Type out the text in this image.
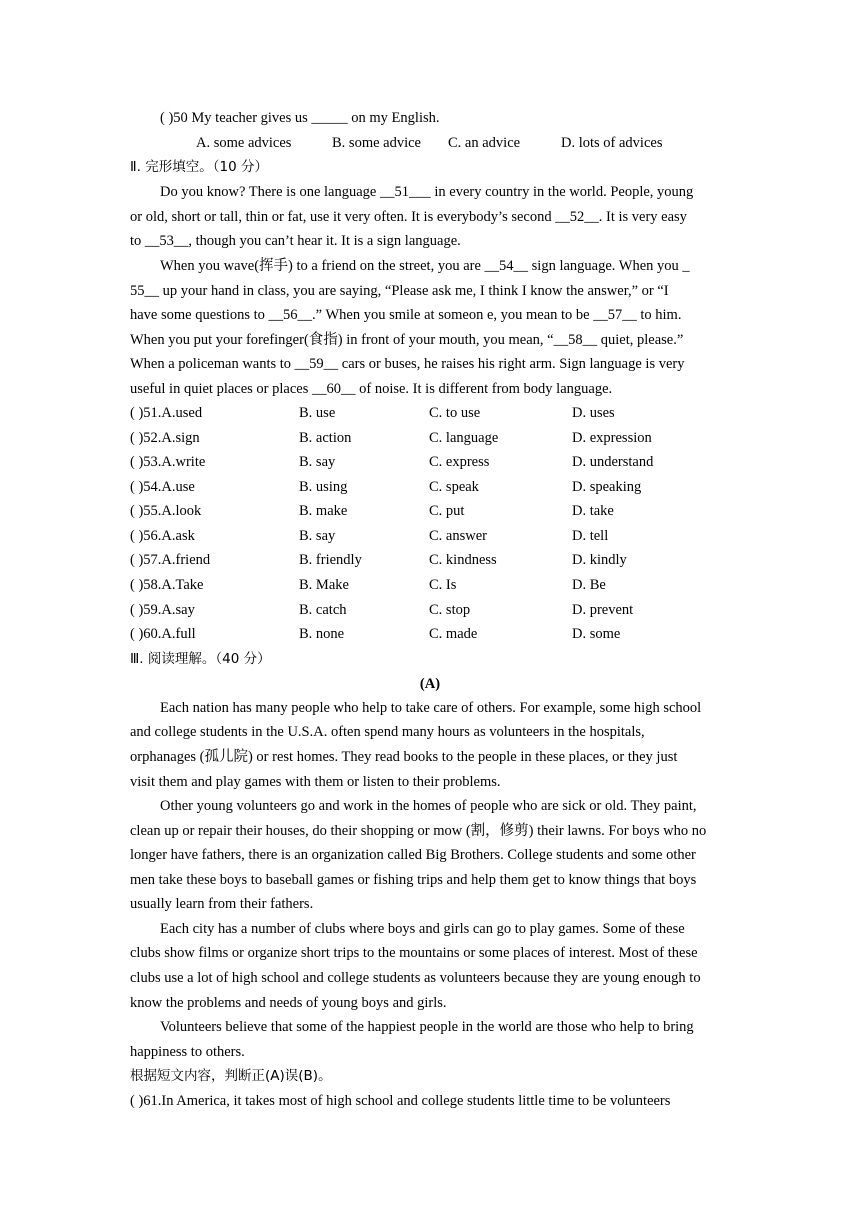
( )50 My teacher gives us _____ on my English.
A. some advices	B. some advice C. an advice	D. lots of advices
Ⅱ. 完形填空。（10 分）
Do you know? There is one language __51___ in every country in the world. People, young
or old, short or tall, thin or fat, use it very often. It is everybody’s second __52__. It is very easy
to __53__, though you can’t hear it. It is a sign language.
When you wave(挥手) to a friend on the street, you are __54__ sign language. When you _
55__ up your hand in class, you are saying, “Please ask me, I think I know the answer,” or “I
have some questions to __56__.” When you smile at someon e, you mean to be __57__ to him.
When you put your forefinger(食指) in front of your mouth, you mean, “__58__ quiet, please.”
When a policeman wants to __59__ cars or buses, he raises his right arm. Sign language is very
useful in quiet places or places __60__ of noise. It is different from body language.
( )51.A.used	B. use	C. to use	D. uses
( )52.A.sign	B. action	C. language	D. expression
( )53.A.write	B. say	C. express	D. understand
( )54.A.use	B. using	C. speak	D. speaking
( )55.A.look	B. make	C. put	D. take
( )56.A.ask	B. say	C. answer	D. tell
( )57.A.friend	B. friendly	C. kindness	D. kindly
( )58.A.Take	B. Make	C. Is	D. Be
( )59.A.say	B. catch	C. stop	D. prevent
( )60.A.full	B. none	C. made	D. some
Ⅲ. 阅读理解。（40 分）
(A)
Each nation has many people who help to take care of others. For example, some high school
and college students in the U.S.A. often spend many hours as volunteers in the hospitals,
orphanages (孤儿院) or rest homes. They read books to the people in these places, or they just
visit them and play games with them or listen to their problems.
Other young volunteers go and work in the homes of people who are sick or old. They paint,
clean up or repair their houses, do their shopping or mow (割，修剪) their lawns. For boys who no
longer have fathers, there is an organization called Big Brothers. College students and some other
men take these boys to baseball games or fishing trips and help them get to know things that boys
usually learn from their fathers.
Each city has a number of clubs where boys and girls can go to play games. Some of these
clubs show films or organize short trips to the mountains or some places of interest. Most of these
clubs use a lot of high school and college students as volunteers because they are young enough to
know the problems and needs of young boys and girls.
Volunteers believe that some of the happiest people in the world are those who help to bring
happiness to others.
根据短文内容，判断正(A)误(B)。
( )61.In America, it takes most of high school and college students little time to be volunteers
